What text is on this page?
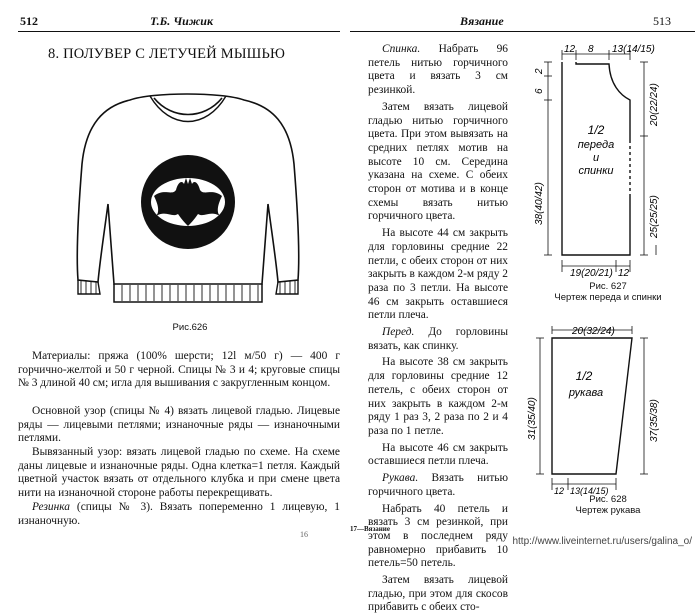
512	Т.Б. Чижик
8. ПОЛУВЕР С ЛЕТУЧЕЙ МЫШЬЮ
Рис.626

Материалы: пряжа (100% шерсти; 12l м/50 г) — 400 г горчично-желтой и 50 г черной. Спицы № 3 и 4; круговые спицы № 3 длиной 40 см; игла для вышивания с закругленным концом.

Основной узор (спицы № 4) вязать лицевой гладью. Лицевые ряды — лицевыми петлями; изнаночные ряды — изнаночными петлями.

Вывязанный узор: вязать лицевой гладью по схеме. На схеме даны лицевые и изнаночные ряды. Одна клетка=1 петля. Каждый цветной участок вязать от отдельного клубка и при смене цвета нити на изнаночной стороне работы перекрещивать.

Резинка (спицы № 3). Вязать попеременно 1 лицевую, 1 изнаночную.

16
Вязание	513

Спинка. Набрать 96 петель нитью горчичного цвета и вязать 3 см резинкой.

Затем вязать лицевой гладью нитью горчичного цвета. При этом вывязать на средних петлях мотив на высоте 10 см. Середина указана на схеме. С обеих сторон от мотива и в конце схемы вязать нитью горчичного цвета.

На высоте 44 см закрыть для горловины средние 22 петли, с обеих сторон от них закрыть в каждом 2-м ряду 2 раза по 3 петли. На высоте 46 см закрыть оставшиеся петли плеча.

Перед. До горловины вязать, как спинку.

На высоте 38 см закрыть для горловины средние 12 петель, с обеих сторон от них закрыть в каждом 2-м ряду 1 раз 3, 2 раза по 2 и 4 раза по 1 петле.

На высоте 46 см закрыть оставшиеся петли плеча.

Рукава. Вязать нитью горчичного цвета.

Набрать 40 петель и вязать 3 см резинкой, при этом в последнем ряду равномерно прибавить 10 петель=50 петель.

Затем вязать лицевой гладью, при этом для скосов прибавить с обеих сто-

17—Вязание
12 8 13(14/15)
2
6
38(40/42)
20(22/24)
25(25/25)
19(20/21) 12
1/2
переда
и
спинки
Рис. 627
Чертеж переда и спинки
20(32/24)
1/2
рукава
31(35/40)	37(35/38)
12 13(14/15)
Рис. 628
Чертеж рукава
http://www.liveinternet.ru/users/galina_o/
